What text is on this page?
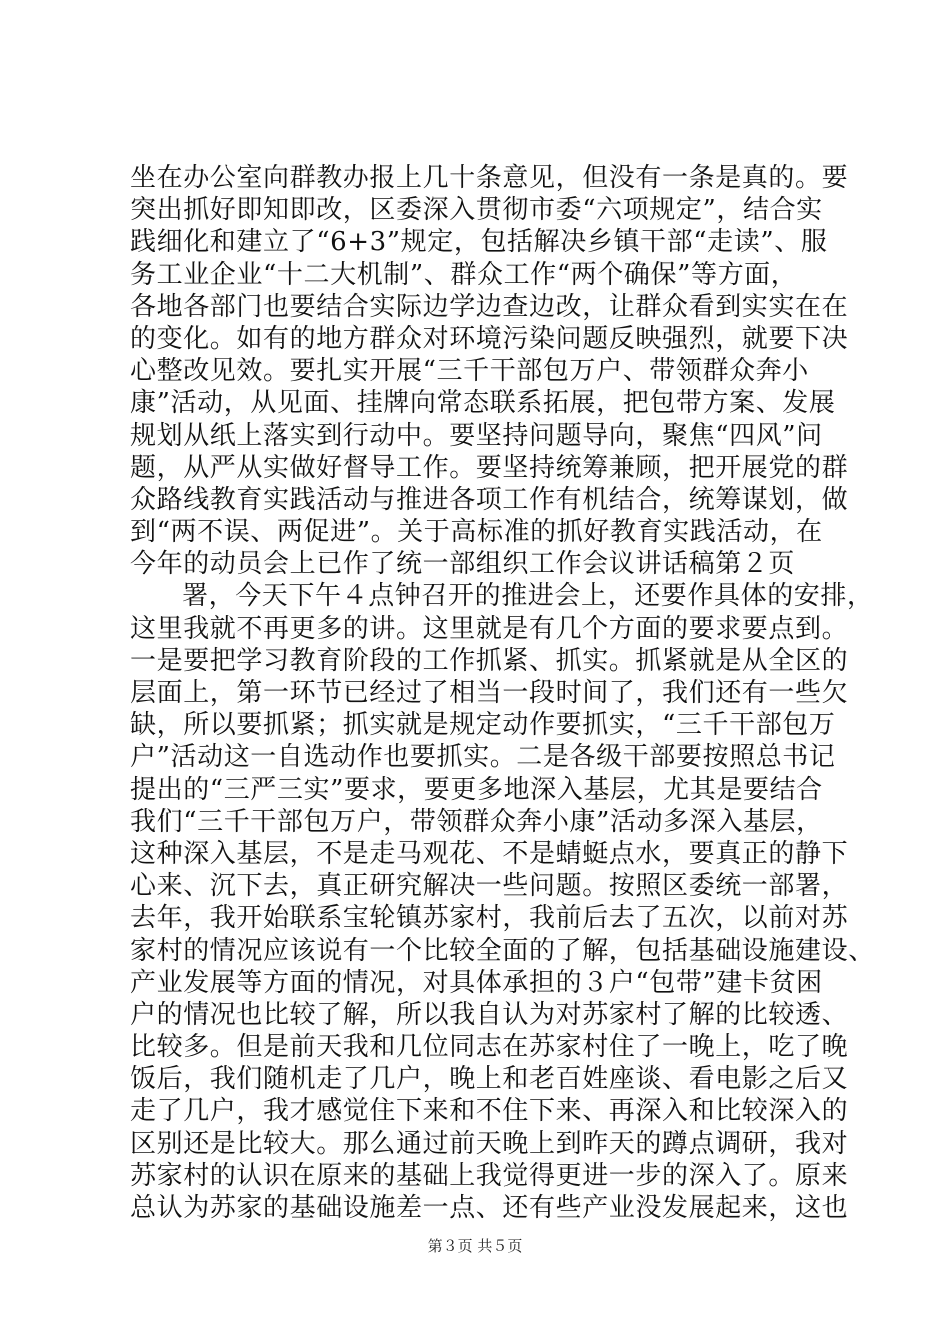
坐在办公室向群教办报上几十条意见，但没有一条是真的。要
突出抓好即知即改，区委深入贯彻市委“六项规定”，结合实
践细化和建立了“6+3”规定，包括解决乡镇干部“走读”、服
务工业企业“十二大机制”、群众工作“两个确保”等方面，
各地各部门也要结合实际边学边查边改，让群众看到实实在在
的变化。如有的地方群众对环境污染问题反映强烈，就要下决
心整改见效。要扎实开展“三千干部包万户、带领群众奔小
康”活动，从见面、挂牌向常态联系拓展，把包带方案、发展
规划从纸上落实到行动中。要坚持问题导向，聚焦“四风”问
题，从严从实做好督导工作。要坚持统筹兼顾，把开展党的群
众路线教育实践活动与推进各项工作有机结合，统筹谋划，做
到“两不误、两促进”。关于高标准的抓好教育实践活动，在
今年的动员会上已作了统一部组织工作会议讲话稿第２页
署，今天下午４点钟召开的推进会上，还要作具体的安排，
这里我就不再更多的讲。这里就是有几个方面的要求要点到。
一是要把学习教育阶段的工作抓紧、抓实。抓紧就是从全区的
层面上，第一环节已经过了相当一段时间了，我们还有一些欠
缺，所以要抓紧；抓实就是规定动作要抓实，“三千干部包万
户”活动这一自选动作也要抓实。二是各级干部要按照总书记
提出的“三严三实”要求，要更多地深入基层，尤其是要结合
我们“三千干部包万户，带领群众奔小康”活动多深入基层，
这种深入基层，不是走马观花、不是蜻蜓点水，要真正的静下
心来、沉下去，真正研究解决一些问题。按照区委统一部署，
去年，我开始联系宝轮镇苏家村，我前后去了五次，以前对苏
家村的情况应该说有一个比较全面的了解，包括基础设施建设、
产业发展等方面的情况，对具体承担的３户“包带”建卡贫困
户的情况也比较了解，所以我自认为对苏家村了解的比较透、
比较多。但是前天我和几位同志在苏家村住了一晚上，吃了晚
饭后，我们随机走了几户，晚上和老百姓座谈、看电影之后又
走了几户，我才感觉住下来和不住下来、再深入和比较深入的
区别还是比较大。那么通过前天晚上到昨天的蹲点调研，我对
苏家村的认识在原来的基础上我觉得更进一步的深入了。原来
总认为苏家的基础设施差一点、还有些产业没发展起来，这也
第３页 共５页
